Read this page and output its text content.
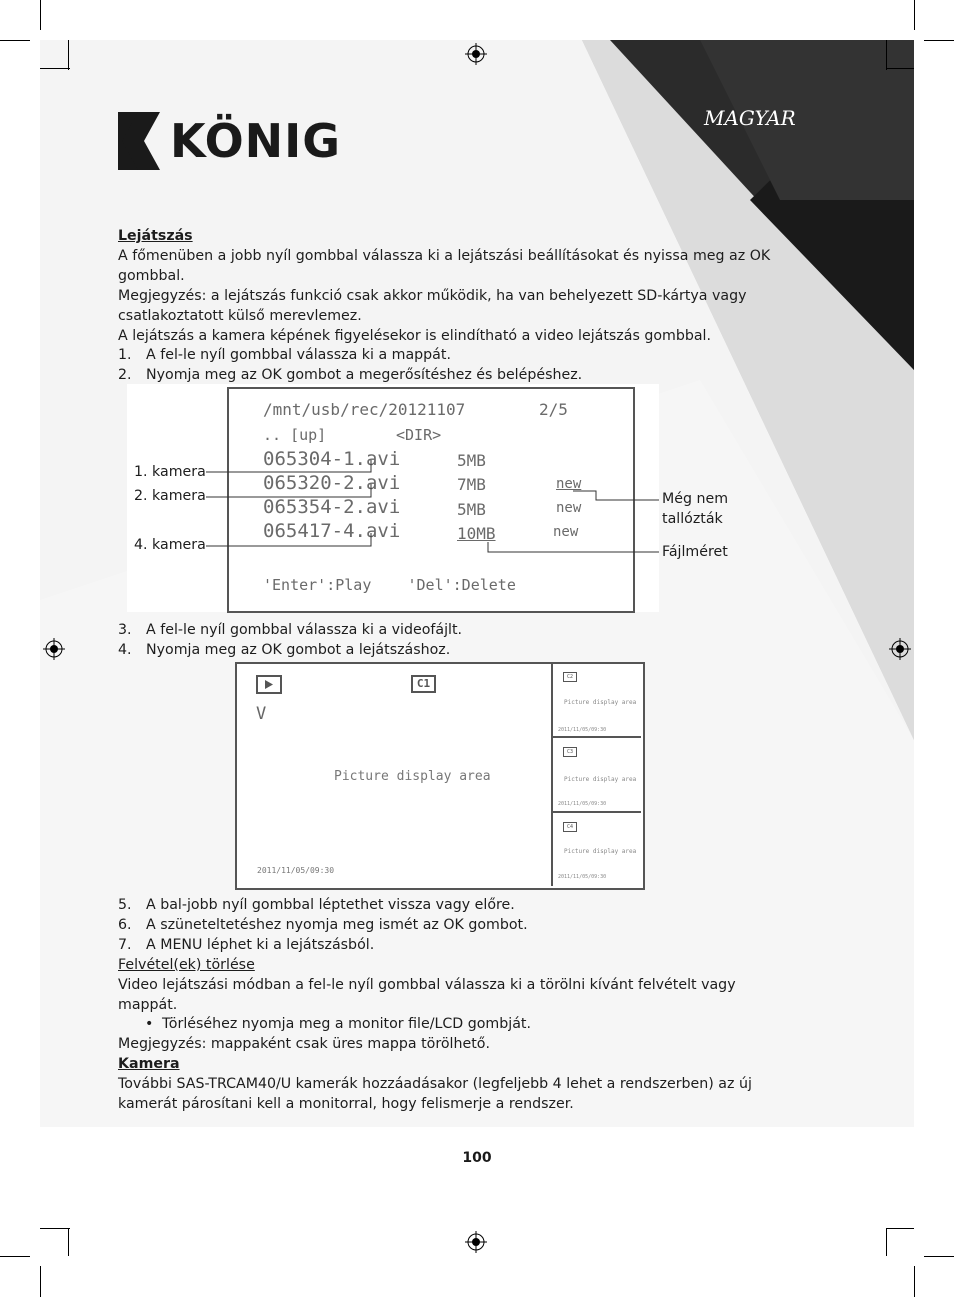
KÖNIG	MAGYAR
Lejátszás
A főmenüben a jobb nyíl gombbal válassza ki a lejátszási beállításokat és nyissa meg az OK
gombbal.
Megjegyzés: a lejátszás funkció csak akkor működik, ha van behelyezett SD-kártya vagy
csatlakoztatott külső merevlemez.
A lejátszás a kamera képének figyelésekor is elindítható a video lejátszás gombbal.
1. A fel-le nyíl gombbal válassza ki a mappát.
2. Nyomja meg az OK gombot a megerősítéshez és belépéshez.
/mnt/usb/rec/20121107	2/5
.. [up]	<DIR>
065304-1.avi	5MB
065320-2.avi	7MB	new
065354-2.avi	5MB	new
065417-4.avi	10MB	new
'Enter':Play    'Del':Delete
1. kamera
2. kamera
4. kamera
Még nem
tallózták
Fájlméret
3. A fel-le nyíl gombbal válassza ki a videofájlt.
4. Nyomja meg az OK gombot a lejátszáshoz.
C1
V
Picture display area
2011/11/05/09:30
C2
Picture display area
2011/11/05/09:30
C3
Picture display area
2011/11/05/09:30
C4
Picture display area
2011/11/05/09:30
5. A bal-jobb nyíl gombbal léptethet vissza vagy előre.
6. A szüneteltetéshez nyomja meg ismét az OK gombot.
7. A MENU léphet ki a lejátszásból.
Felvétel(ek) törlése
Video lejátszási módban a fel-le nyíl gombbal válassza ki a törölni kívánt felvételt vagy
mappát.
• Törléséhez nyomja meg a monitor file/LCD gombját.
Megjegyzés: mappaként csak üres mappa törölhető.
Kamera
További SAS-TRCAM40/U kamerák hozzáadásakor (legfeljebb 4 lehet a rendszerben) az új
kamerát párosítani kell a monitorral, hogy felismerje a rendszer.
100
